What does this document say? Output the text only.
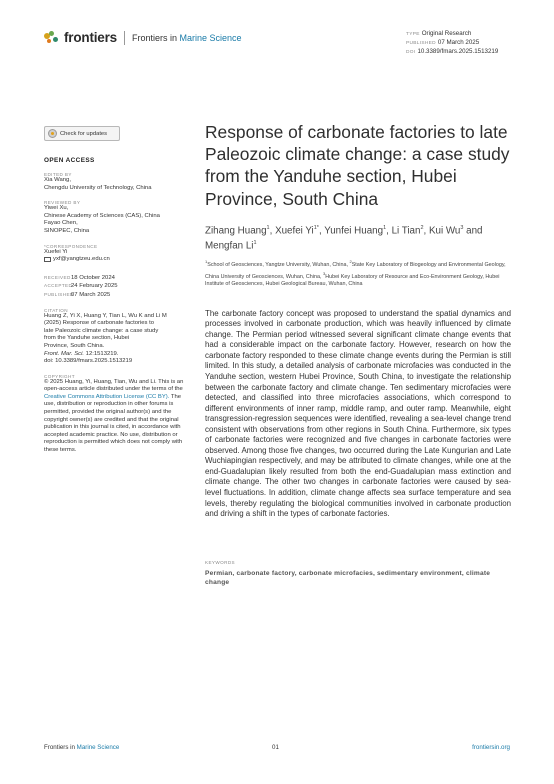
frontiers Frontiers in Marine Science	TYPE Original Research
PUBLISHED 07 March 2025
DOI 10.3389/fmars.2025.1513219
Check for updates
OPEN ACCESS
EDITED BY
Xia Wang,
Chengdu University of Technology, China
REVIEWED BY
Yiwei Xu,
Chinese Academy of Sciences (CAS), China
Fayao Chen,
SINOPEC, China
*CORRESPONDENCE
Xuefei Yi
yxf@yangtzeu.edu.cn
RECEIVED18 October 2024
ACCEPTED24 February 2025
PUBLISHED07 March 2025
CITATION
Huang Z, Yi X, Huang Y, Tian L, Wu K and Li M
(2025) Response of carbonate factories to
late Paleozoic climate change: a case study
from the Yanduhe section, Hubei
Province, South China.
Front. Mar. Sci. 12:1513219.
doi: 10.3389/fmars.2025.1513219
COPYRIGHT
© 2025 Huang, Yi, Huang, Tian, Wu and Li. This is an open-access article distributed under the terms of the Creative Commons Attribution License (CC BY). The use, distribution or reproduction in other forums is permitted, provided the original author(s) and the copyright owner(s) are credited and that the original publication in this journal is cited, in accordance with accepted academic practice. No use, distribution or reproduction is permitted which does not comply with these terms.
Response of carbonate factories to late Paleozoic climate change: a case study from the Yanduhe section, Hubei Province, South China
Zihang Huang$^1$, Xuefei $Yi^{1*}$, Yunfei Huang$^1$, Li Tian$^2$, Kui Wu$^3$ and Mengfan Li$^1$
$^1$School of Geosciences, Yangtze University, Wuhan, China, $^2$State Key Laboratory of Biogeology and Environmental Geology, China University of Geosciences, Wuhan, China, $^3$Hubei Key Laboratory of Resource and Eco-Environment Geology, Hubei Institute of Geosciences, Hubei Geological Bureau, Wuhan, China

The carbonate factory concept was proposed to understand the spatial dynamics and processes involved in carbonate production, which was heavily influenced by climate change. The Permian period witnessed several significant climate change events that had a considerable impact on the carbonate factory. However, research on how the carbonate factory responded to these climate change events during the Permian is still limited. In this study, a detailed analysis of carbonate microfacies was conducted in the Yanduhe section, western Hubei Province, South China, to investigate the relationship between the carbonate factory and climate change. Ten sedimentary microfacies were detected, and classified into three microfacies associations, which correspond to different environments of inner ramp, middle ramp, and outer ramp. Meanwhile, eight transgression-regression sequences were identified, revealing a sea-level change trend consistent with observations from other regions in South China. Furthermore, six types of carbonate factories were recognized and five changes in carbonate factories were observed. Among those five changes, two occurred during the Late Kungurian and Late Wuchiapingian respectively, and may be attributed to climate changes, while one at the end-Guadalupian likely resulted from both the end-Guadalupian mass extinction and climate change. The other two changes in carbonate factories were caused by sea-level fluctuations. In addition, climate change affects sea surface temperature and sea levels, thereby regulating the biological communities involved in carbonate production and driving a shift in the types of carbonate factories.

KEYWORDS
Permian, carbonate factory, carbonate microfacies, sedimentary environment, climate change
Frontiers in Marine Science	01	frontiersin.org
